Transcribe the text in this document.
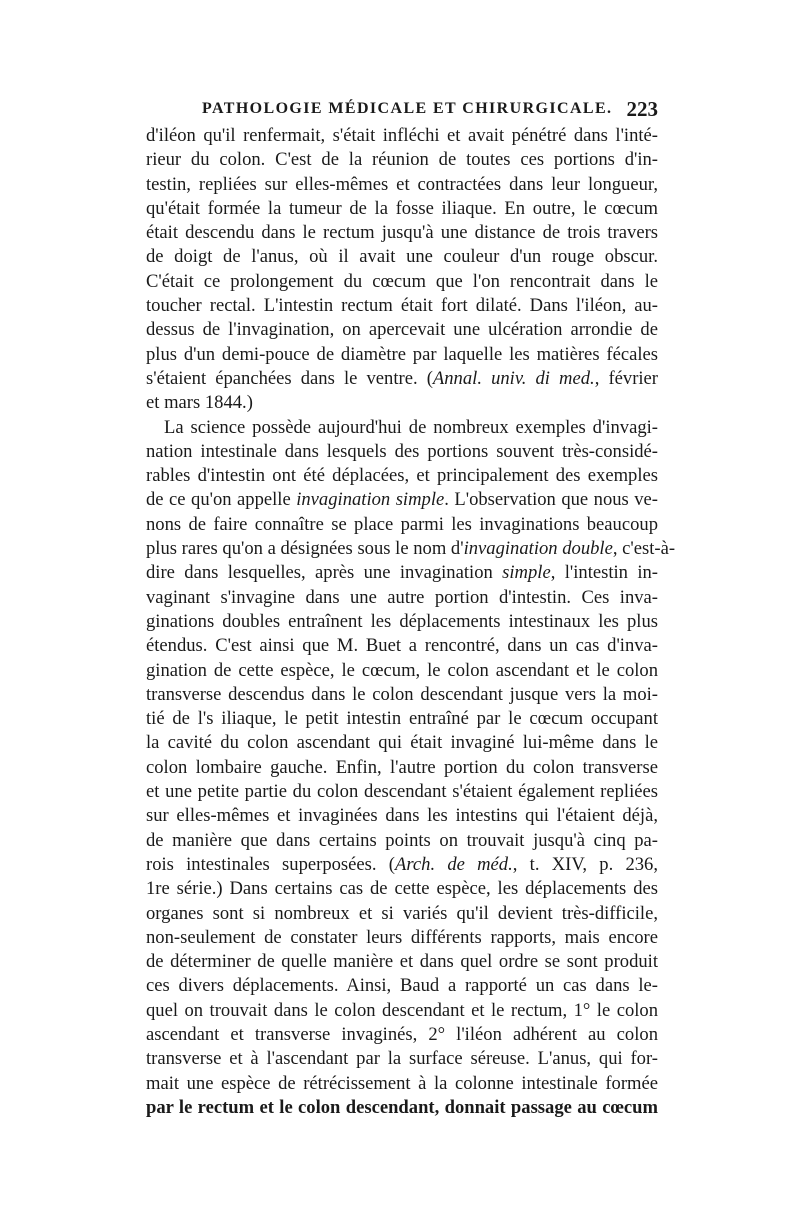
PATHOLOGIE MÉDICALE ET CHIRURGICALE. 223

d'iléon qu'il renfermait, s'était infléchi et avait pénétré dans l'inté-
rieur du colon. C'est de la réunion de toutes ces portions d'in-
testin, repliées sur elles-mêmes et contractées dans leur longueur,
qu'était formée la tumeur de la fosse iliaque. En outre, le cœcum
était descendu dans le rectum jusqu'à une distance de trois travers
de doigt de l'anus, où il avait une couleur d'un rouge obscur.
C'était ce prolongement du cœcum que l'on rencontrait dans le
toucher rectal. L'intestin rectum était fort dilaté. Dans l'iléon, au-
dessus de l'invagination, on apercevait une ulcération arrondie de
plus d'un demi-pouce de diamètre par laquelle les matières fécales
s'étaient épanchées dans le ventre. (Annal. univ. di med., février
et mars 1844.)

La science possède aujourd'hui de nombreux exemples d'invagi-
nation intestinale dans lesquels des portions souvent très-considé-
rables d'intestin ont été déplacées, et principalement des exemples
de ce qu'on appelle invagination simple. L'observation que nous ve-
nons de faire connaître se place parmi les invaginations beaucoup
plus rares qu'on a désignées sous le nom d'invagination double, c'est-à-
dire dans lesquelles, après une invagination simple, l'intestin in-
vaginant s'invagine dans une autre portion d'intestin. Ces inva-
ginations doubles entraînent les déplacements intestinaux les plus
étendus. C'est ainsi que M. Buet a rencontré, dans un cas d'inva-
gination de cette espèce, le cœcum, le colon ascendant et le colon
transverse descendus dans le colon descendant jusque vers la moi-
tié de l's iliaque, le petit intestin entraîné par le cœcum occupant
la cavité du colon ascendant qui était invaginé lui-même dans le
colon lombaire gauche. Enfin, l'autre portion du colon transverse
et une petite partie du colon descendant s'étaient également repliées
sur elles-mêmes et invaginées dans les intestins qui l'étaient déjà,
de manière que dans certains points on trouvait jusqu'à cinq pa-
rois intestinales superposées. (Arch. de méd., t. XIV, p. 236,
1re série.) Dans certains cas de cette espèce, les déplacements des
organes sont si nombreux et si variés qu'il devient très-difficile,
non-seulement de constater leurs différents rapports, mais encore
de déterminer de quelle manière et dans quel ordre se sont produit
ces divers déplacements. Ainsi, Baud a rapporté un cas dans le-
quel on trouvait dans le colon descendant et le rectum, 1° le colon
ascendant et transverse invaginés, 2° l'iléon adhérent au colon
transverse et à l'ascendant par la surface séreuse. L'anus, qui for-
mait une espèce de rétrécissement à la colonne intestinale formée
par le rectum et le colon descendant, donnait passage au cœcum
